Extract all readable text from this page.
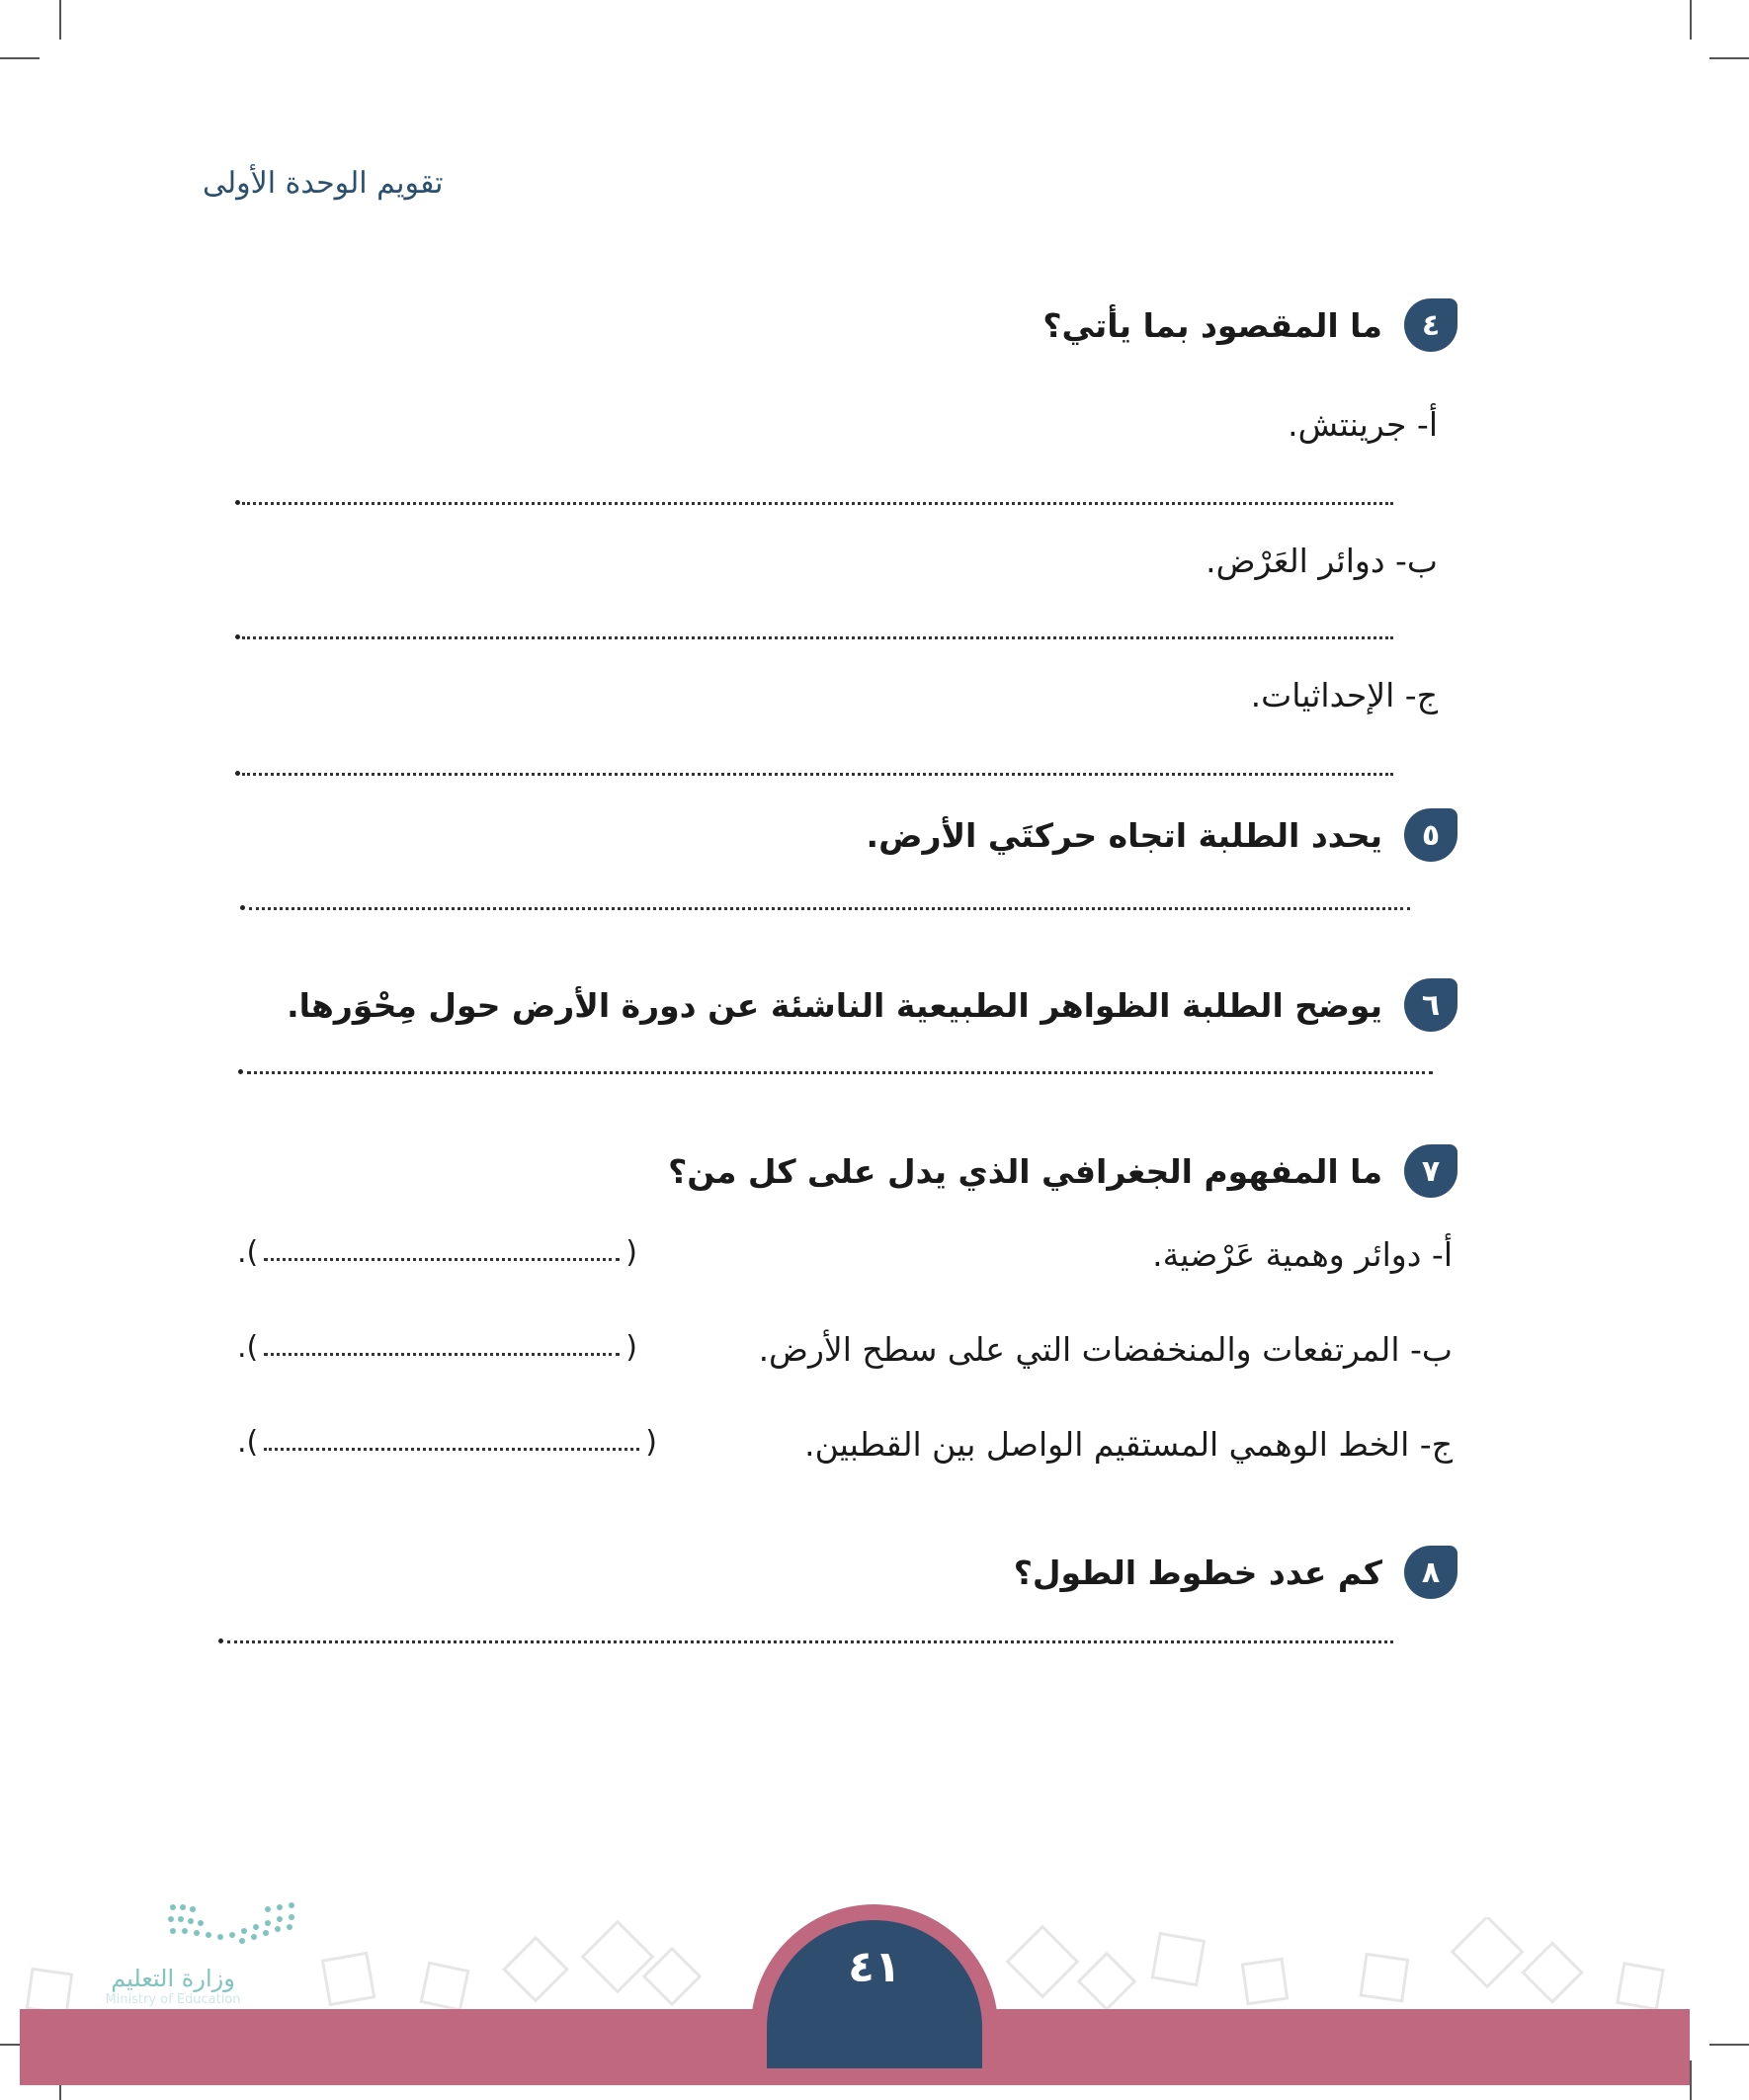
تقويم الوحدة الأولى
٤
ما المقصود بما يأتي؟
أ- جرينتش.
ب- دوائر العَرْض.
ج- الإحداثيات.
٥
يحدد الطلبة اتجاه حركتَي الأرض.
٦
يوضح الطلبة الظواهر الطبيعية الناشئة عن دورة الأرض حول مِحْوَرها.
٧
ما المفهوم الجغرافي الذي يدل على كل من؟
أ- دوائر وهمية عَرْضية.
.(	)
ب- المرتفعات والمنخفضات التي على سطح الأرض.
.(	)
ج- الخط الوهمي المستقيم الواصل بين القطبين.
.(	)
٨
كم عدد خطوط الطول؟
وزارة التعليم
Ministry of Education
٤١
